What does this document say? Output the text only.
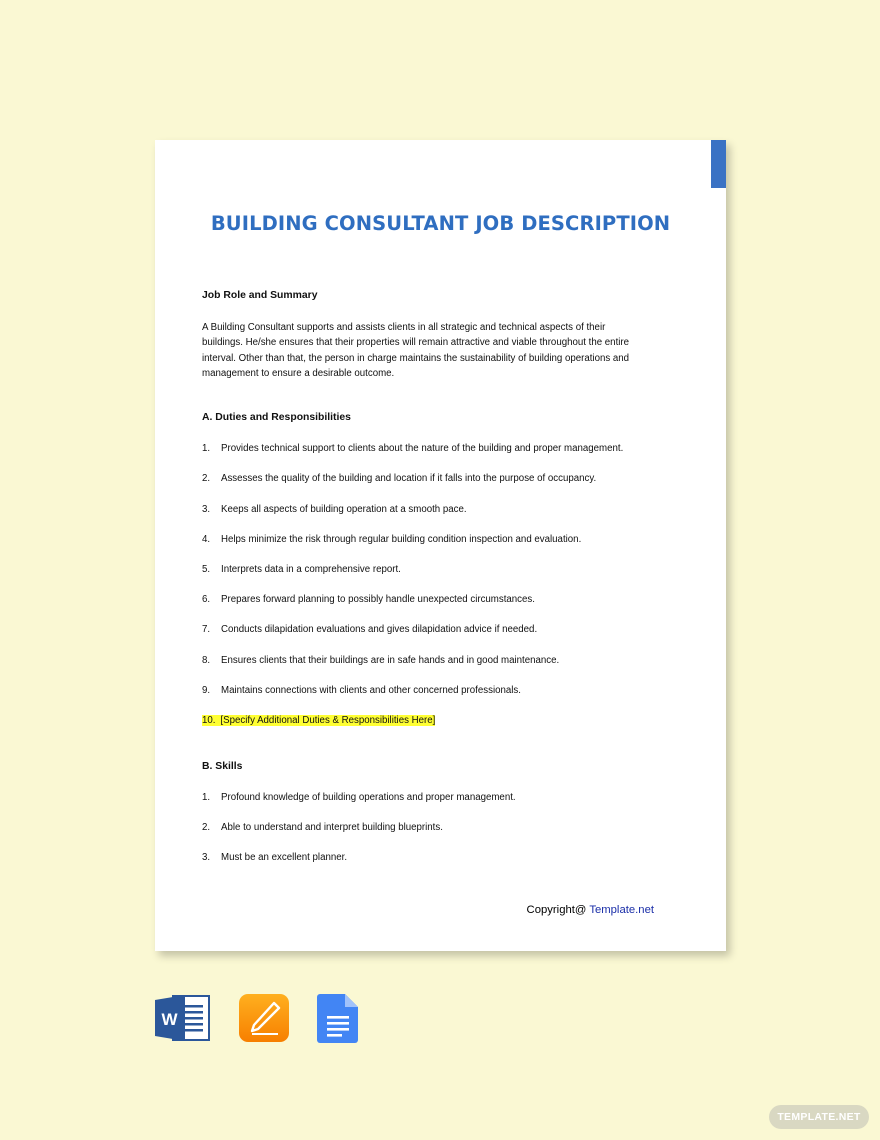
BUILDING CONSULTANT JOB DESCRIPTION
Job Role and Summary
A Building Consultant supports and assists clients in all strategic and technical aspects of their buildings. He/she ensures that their properties will remain attractive and viable throughout the entire interval. Other than that, the person in charge maintains the sustainability of building operations and management to ensure a desirable outcome.
A. Duties and Responsibilities
1.	Provides technical support to clients about the nature of the building and proper management.
2.	Assesses the quality of the building and location if it falls into the purpose of occupancy.
3.	Keeps all aspects of building operation at a smooth pace.
4.	Helps minimize the risk through regular building condition inspection and evaluation.
5.	Interprets data in a comprehensive report.
6.	Prepares forward planning to possibly handle unexpected circumstances.
7.	Conducts dilapidation evaluations and gives dilapidation advice if needed.
8.	Ensures clients that their buildings are in safe hands and in good maintenance.
9.	Maintains connections with clients and other concerned professionals.
10. [Specify Additional Duties & Responsibilities Here]
B. Skills
1.	Profound knowledge of building operations and proper management.
2.	Able to understand and interpret building blueprints.
3.	Must be an excellent planner.
Copyright@ Template.net
W
TEMPLATE.NET
